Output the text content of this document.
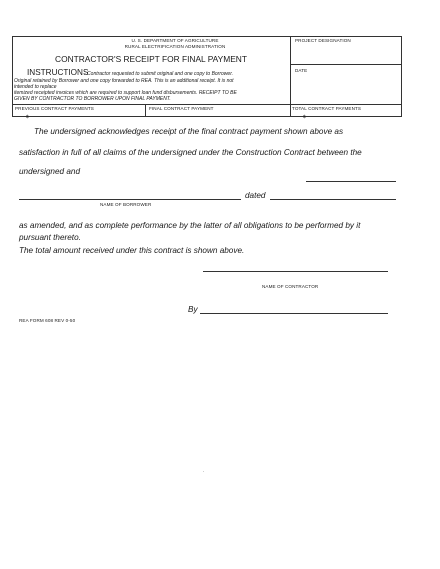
U. S. DEPARTMENT OF AGRICULTURE
RURAL ELECTRIFICATION ADMINISTRATION
CONTRACTOR'S RECEIPT FOR FINAL PAYMENT
PROJECT DESIGNATION
DATE
INSTRUCTIONS
- Contractor requested to submit original and one copy to Borrower.
Original retained by Borrower and one copy forwarded to REA. This is an additional receipt. It is not
intended to replace
itemized receipted invoices which are required to support loan fund disbursements. RECEIPT TO BE
GIVEN BY CONTRACTOR TO BORROWER UPON FINAL PAYMENT.
PREVIOUS CONTRACT PAYMENTS
$
FINAL CONTRACT PAYMENT	TOTAL CONTRACT PAYMENTS
$
The undersigned acknowledges receipt of the final contract payment shown above as
satisfaction in full of all claims of the undersigned under the Construction Contract between the
undersigned and
dated
NAME OF BORROWER
as amended, and as complete performance by the latter of all obligations to be performed by it
pursuant thereto.
The total amount received under this contract is shown above.
NAME OF CONTRACTOR
By
REA FORM 608 REV 0-50
.
